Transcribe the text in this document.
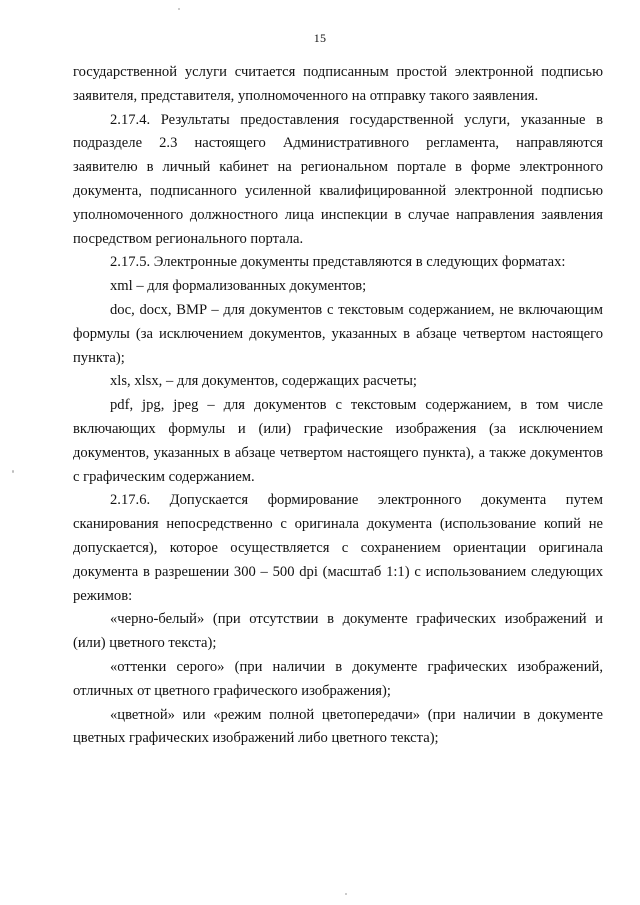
15

государственной услуги считается подписанным простой электронной подписью заявителя, представителя, уполномоченного на отправку такого заявления.

2.17.4. Результаты предоставления государственной услуги, указанные в подразделе 2.3 настоящего Административного регламента, направляются заявителю в личный кабинет на региональном портале в форме электронного документа, подписанного усиленной квалифицированной электронной подписью уполномоченного должностного лица инспекции в случае направления заявления посредством регионального портала.

2.17.5. Электронные документы представляются в следующих форматах:

xml – для формализованных документов;

doc, docx, BMP – для документов с текстовым содержанием, не включающим формулы (за исключением документов, указанных в абзаце четвертом настоящего пункта);

xls, xlsx, – для документов, содержащих расчеты;

pdf, jpg, jpeg – для документов с текстовым содержанием, в том числе включающих формулы и (или) графические изображения (за исключением документов, указанных в абзаце четвертом настоящего пункта), а также документов с графическим содержанием.

2.17.6. Допускается формирование электронного документа путем сканирования непосредственно с оригинала документа (использование копий не допускается), которое осуществляется с сохранением ориентации оригинала документа в разрешении 300 – 500 dpi (масштаб 1:1) с использованием следующих режимов:

«черно-белый» (при отсутствии в документе графических изображений и (или) цветного текста);

«оттенки серого» (при наличии в документе графических изображений, отличных от цветного графического изображения);

«цветной» или «режим полной цветопередачи» (при наличии в документе цветных графических изображений либо цветного текста);
